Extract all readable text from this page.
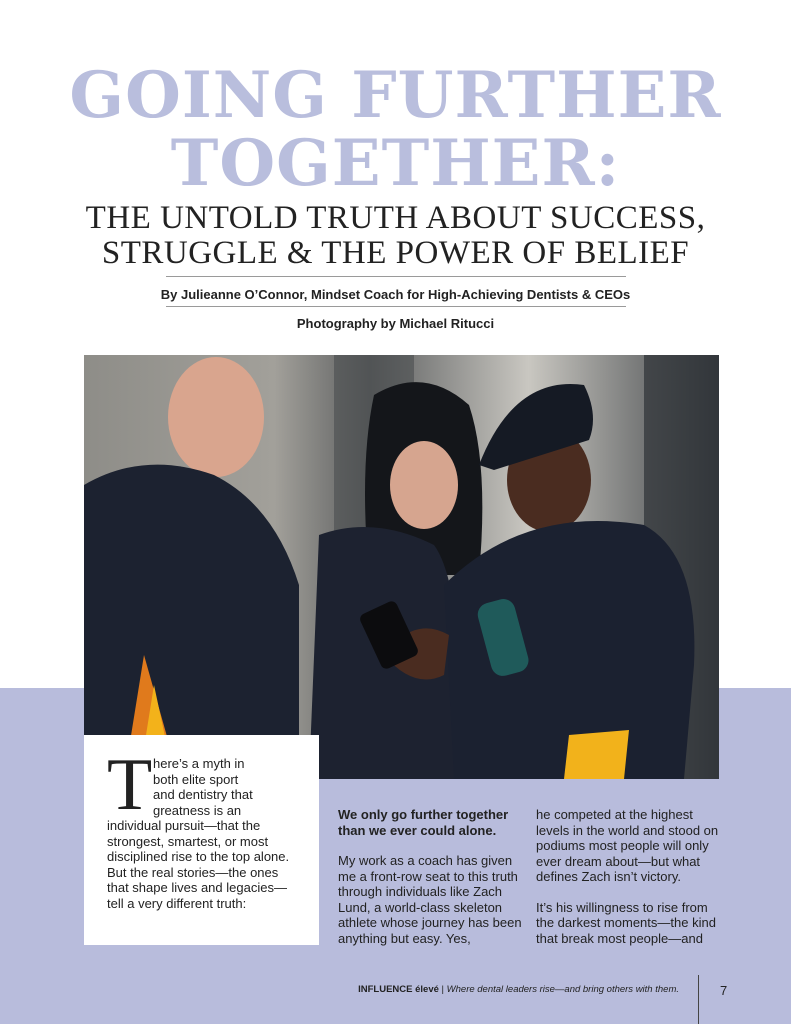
GOING FURTHER
TOGETHER:
THE UNTOLD TRUTH ABOUT SUCCESS,
STRUGGLE & THE POWER OF BELIEF
By Julieanne O’Connor, Mindset Coach for High-Achieving Dentists & CEOs
Photography by Michael Ritucci
T here’s a myth in
both elite sport
and dentistry that
greatness is an
individual pursuit—that the strongest, smartest, or most disciplined rise to the top alone. But the real stories—the ones that shape lives and legacies—tell a very different truth:

We only go further together than we ever could alone.

My work as a coach has given me a front-row seat to this truth through individuals like Zach Lund, a world-class skeleton athlete whose journey has been anything but easy. Yes,

he competed at the highest levels in the world and stood on podiums most people will only ever dream about—but what defines Zach isn’t victory.

It’s his willingness to rise from the darkest moments—the kind that break most people—and

INFLUENCE élevé | Where dental leaders rise—and bring others with them.	7
